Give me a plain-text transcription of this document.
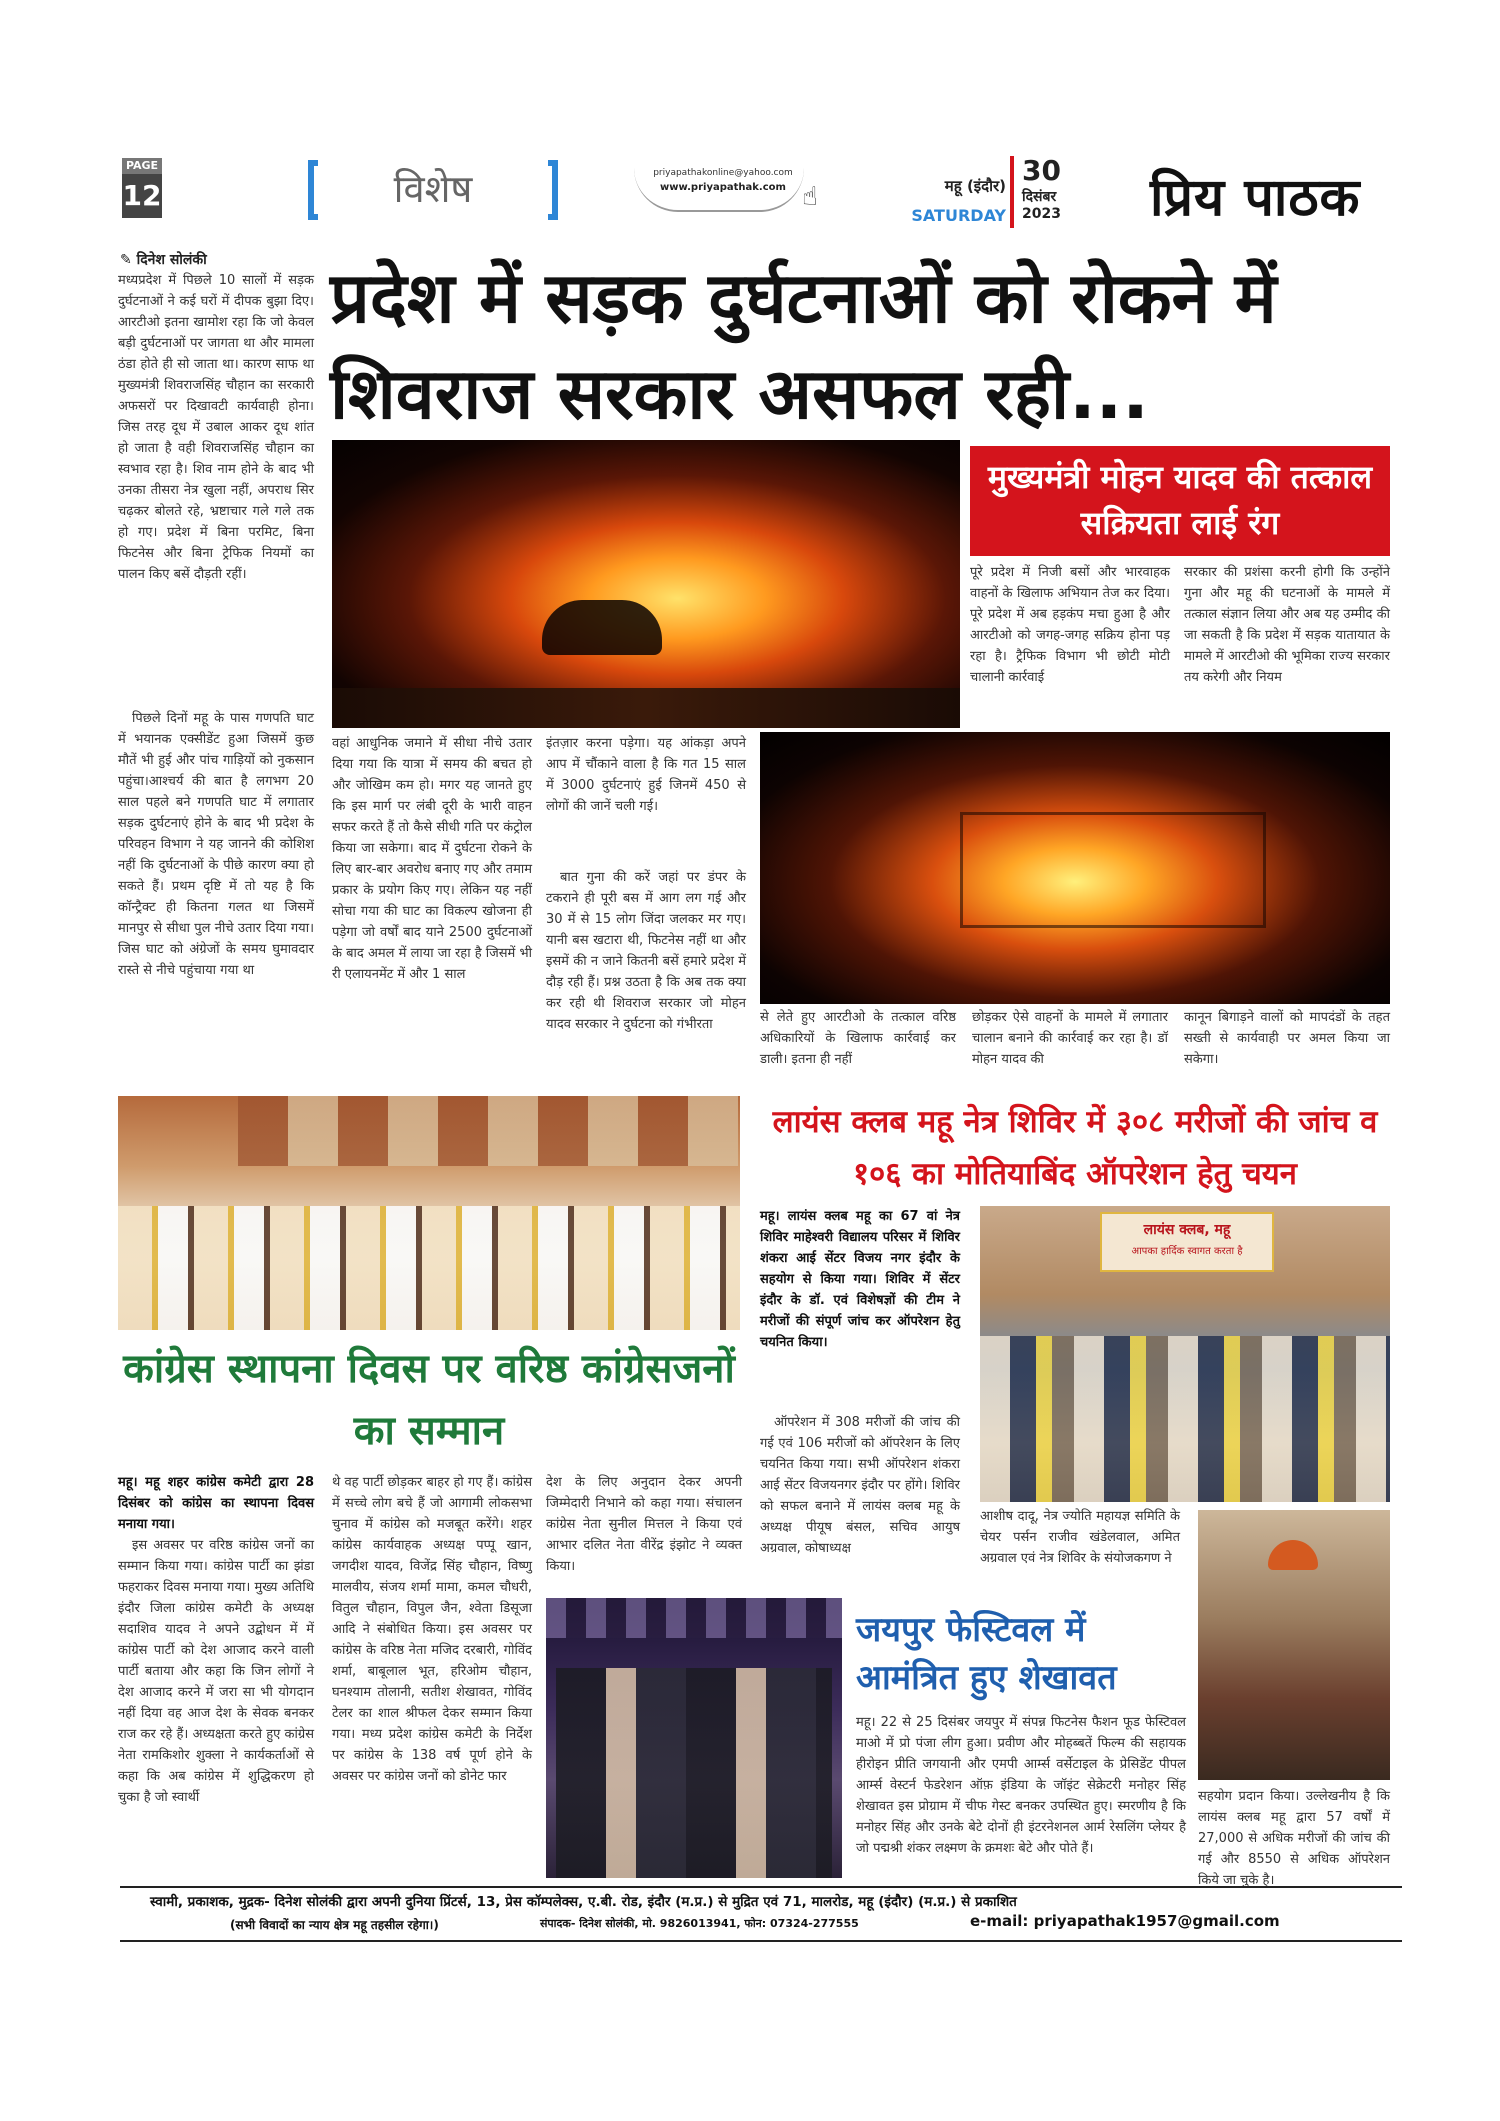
PAGE
12	विशेष	priyapathakonline@yahoo.com
www.priyapathak.com ☝	महू (इंदौर)
SATURDAY
30
दिसंबर
2023	प्रिय पाठक
✎ दिनेश सोलंकी

मध्यप्रदेश में पिछले 10 सालों में सड़क दुर्घटनाओं ने कई घरों में दीपक बुझा दिए। आरटीओ इतना खामोश रहा कि जो केवल बड़ी दुर्घटनाओं पर जागता था और मामला ठंडा होते ही सो जाता था। कारण साफ था मुख्यमंत्री शिवराजसिंह चौहान का सरकारी अफसरों पर दिखावटी कार्यवाही होना। जिस तरह दूध में उबाल आकर दूध शांत हो जाता है वही शिवराजसिंह चौहान का स्वभाव रहा है। शिव नाम होने के बाद भी उनका तीसरा नेत्र खुला नहीं, अपराध सिर चढ़कर बोलते रहे, भ्रष्टाचार गले गले तक हो गए। प्रदेश में बिना परमिट, बिना फिटनेस और बिना ट्रेफिक नियमों का पालन किए बसें दौड़ती रहीं।

पिछले दिनों महू के पास गणपति घाट में भयानक एक्सीडेंट हुआ जिसमें कुछ मौतें भी हुई और पांच गाड़ियों को नुकसान पहुंचा।आश्चर्य की बात है लगभग 20 साल पहले बने गणपति घाट में लगातार सड़क दुर्घटनाएं होने के बाद भी प्रदेश के परिवहन विभाग ने यह जानने की कोशिश नहीं कि दुर्घटनाओं के पीछे कारण क्या हो सकते हैं। प्रथम दृष्टि में तो यह है कि कॉन्ट्रैक्ट ही कितना गलत था जिसमें मानपुर से सीधा पुल नीचे उतार दिया गया। जिस घाट को अंग्रेजों के समय घुमावदार रास्ते से नीचे पहुंचाया गया था

प्रदेश में सड़क दुर्घटनाओं को रोकने में शिवराज सरकार असफल रही...

वहां आधुनिक जमाने में सीधा नीचे उतार दिया गया कि यात्रा में समय की बचत हो और जोखिम कम हो। मगर यह जानते हुए कि इस मार्ग पर लंबी दूरी के भारी वाहन सफर करते हैं तो कैसे सीधी गति पर कंट्रोल किया जा सकेगा। बाद में दुर्घटना रोकने के लिए बार-बार अवरोध बनाए गए और तमाम प्रकार के प्रयोग किए गए। लेकिन यह नहीं सोचा गया की घाट का विकल्प खोजना ही पड़ेगा जो वर्षों बाद याने 2500 दुर्घटनाओं के बाद अमल में लाया जा रहा है जिसमें भी री एलायनमेंट में और 1 साल

इंतज़ार करना पड़ेगा। यह आंकड़ा अपने आप में चौंकाने वाला है कि गत 15 साल में 3000 दुर्घटनाएं हुई जिनमें 450 से लोगों की जानें चली गई।

बात गुना की करें जहां पर डंपर के टकराने ही पूरी बस में आग लग गई और 30 में से 15 लोग जिंदा जलकर मर गए। यानी बस खटारा थी, फिटनेस नहीं था और इसमें की न जाने कितनी बसें हमारे प्रदेश में दौड़ रही हैं। प्रश्न उठता है कि अब तक क्या कर रही थी शिवराज सरकार जो मोहन यादव सरकार ने दुर्घटना को गंभीरता	से लेते हुए आरटीओ के तत्काल वरिष्ठ अधिकारियों के खिलाफ कार्रवाई कर डाली। इतना ही नहीं

छोड़कर ऐसे वाहनों के मामले में लगातार चालान बनाने की कार्रवाई कर रहा है। डॉ मोहन यादव की

कानून बिगाड़ने वालों को मापदंडों के तहत सख्ती से कार्यवाही पर अमल किया जा सकेगा।

मुख्यमंत्री मोहन यादव की तत्काल सक्रियता लाई रंग

पूरे प्रदेश में निजी बसों और भारवाहक वाहनों के खिलाफ अभियान तेज कर दिया। पूरे प्रदेश में अब हड़कंप मचा हुआ है और आरटीओ को जगह-जगह सक्रिय होना पड़ रहा है। ट्रैफिक विभाग भी छोटी मोटी चालानी कार्रवाई

सरकार की प्रशंसा करनी होगी कि उन्होंने गुना और महू की घटनाओं के मामले में तत्काल संज्ञान लिया और अब यह उम्मीद की जा सकती है कि प्रदेश में सड़क यातायात के मामले में आरटीओ की भूमिका राज्य सरकार तय करेगी और नियम

कांग्रेस स्थापना दिवस पर वरिष्ठ कांग्रेसजनों का सम्मान

महू। महू शहर कांग्रेस कमेटी द्वारा 28 दिसंबर को कांग्रेस का स्थापना दिवस मनाया गया।

इस अवसर पर वरिष्ठ कांग्रेस जनों का सम्मान किया गया। कांग्रेस पार्टी का झंडा फहराकर दिवस मनाया गया। मुख्य अतिथि इंदौर जिला कांग्रेस कमेटी के अध्यक्ष सदाशिव यादव ने अपने उद्बोधन में में कांग्रेस पार्टी को देश आजाद करने वाली पार्टी बताया और कहा कि जिन लोगों ने देश आजाद करने में जरा सा भी योगदान नहीं दिया वह आज देश के सेवक बनकर राज कर रहे हैं। अध्यक्षता करते हुए कांग्रेस नेता रामकिशोर शुक्ला ने कार्यकर्ताओं से कहा कि अब कांग्रेस में शुद्धिकरण हो चुका है जो स्वार्थी

थे वह पार्टी छोड़कर बाहर हो गए हैं। कांग्रेस में सच्चे लोग बचे हैं जो आगामी लोकसभा चुनाव में कांग्रेस को मजबूत करेंगे। शहर कांग्रेस कार्यवाहक अध्यक्ष पप्पू खान, जगदीश यादव, विजेंद्र सिंह चौहान, विष्णु मालवीय, संजय शर्मा मामा, कमल चौधरी, वितुल चौहान, विपुल जैन, श्वेता डिसूजा आदि ने संबोधित किया। इस अवसर पर कांग्रेस के वरिष्ठ नेता मजिद दरबारी, गोविंद शर्मा, बाबूलाल भूत, हरिओम चौहान, घनश्याम तोलानी, सतीश शेखावत, गोविंद टेलर का शाल श्रीफल देकर सम्मान किया गया। मध्य प्रदेश कांग्रेस कमेटी के निर्देश पर कांग्रेस के 138 वर्ष पूर्ण होने के अवसर पर कांग्रेस जनों को डोनेट फार

देश के लिए अनुदान देकर अपनी जिम्मेदारी निभाने को कहा गया। संचालन कांग्रेस नेता सुनील मित्तल ने किया एवं आभार दलित नेता वीरेंद्र इंझोट ने व्यक्त किया।

लायंस क्लब महू नेत्र शिविर में ३०८ मरीजों की जांच व १०६ का मोतियाबिंद ऑपरेशन हेतु चयन

महू। लायंस क्लब महू का 67 वां नेत्र शिविर माहेश्वरी विद्यालय परिसर में शिविर शंकरा आई सेंटर विजय नगर इंदौर के सहयोग से किया गया। शिविर में सेंटर इंदौर के डॉ. एवं विशेषज्ञों की टीम ने मरीजों की संपूर्ण जांच कर ऑपरेशन हेतु चयनित किया।

ऑपरेशन में 308 मरीजों की जांच की गई एवं 106 मरीजों को ऑपरेशन के लिए चयनित किया गया। सभी ऑपरेशन शंकरा आई सेंटर विजयनगर इंदौर पर होंगे। शिविर को सफल बनाने में लायंस क्लब महू के अध्यक्ष पीयूष बंसल, सचिव आयुष अग्रवाल, कोषाध्यक्ष

लायंस क्लब, महू
आपका हार्दिक स्वागत करता है

आशीष दादू, नेत्र ज्योति महायज्ञ समिति के चेयर पर्सन राजीव खंडेलवाल, अमित अग्रवाल एवं नेत्र शिविर के संयोजकगण ने

सहयोग प्रदान किया। उल्लेखनीय है कि लायंस क्लब महू द्वारा 57 वर्षों में 27,000 से अधिक मरीजों की जांच की गई और 8550 से अधिक ऑपरेशन किये जा चुके है।

जयपुर फेस्टिवल में आमंत्रित हुए शेखावत

महू। 22 से 25 दिसंबर जयपुर में संपन्न फिटनेस फैशन फूड फेस्टिवल माओ में प्रो पंजा लीग हुआ। प्रवीण और मोहब्बतें फिल्म की सहायक हीरोइन प्रीति जगयानी और एमपी आर्म्स वर्सेटाइल के प्रेसिडेंट पीपल आर्म्स वेस्टर्न फेडरेशन ऑफ़ इंडिया के जॉइंट सेक्रेटरी मनोहर सिंह शेखावत इस प्रोग्राम में चीफ गेस्ट बनकर उपस्थित हुए। स्मरणीय है कि मनोहर सिंह और उनके बेटे दोनों ही इंटरनेशनल आर्म रेसलिंग प्लेयर है जो पद्मश्री शंकर लक्ष्मण के क्रमशः बेटे और पोते हैं।

स्वामी, प्रकाशक, मुद्रक- दिनेश सोलंकी द्वारा अपनी दुनिया प्रिंटर्स, 13, प्रेस कॉम्पलेक्स, ए.बी. रोड, इंदौर (म.प्र.) से मुद्रित एवं 71, मालरोड, महू (इंदौर) (म.प्र.) से प्रकाशित
(सभी विवादों का न्याय क्षेत्र महू तहसील रहेगा।)	संपादक- दिनेश सोलंकी, मो. 9826013941, फोन: 07324-277555	e-mail: priyapathak1957@gmail.com
